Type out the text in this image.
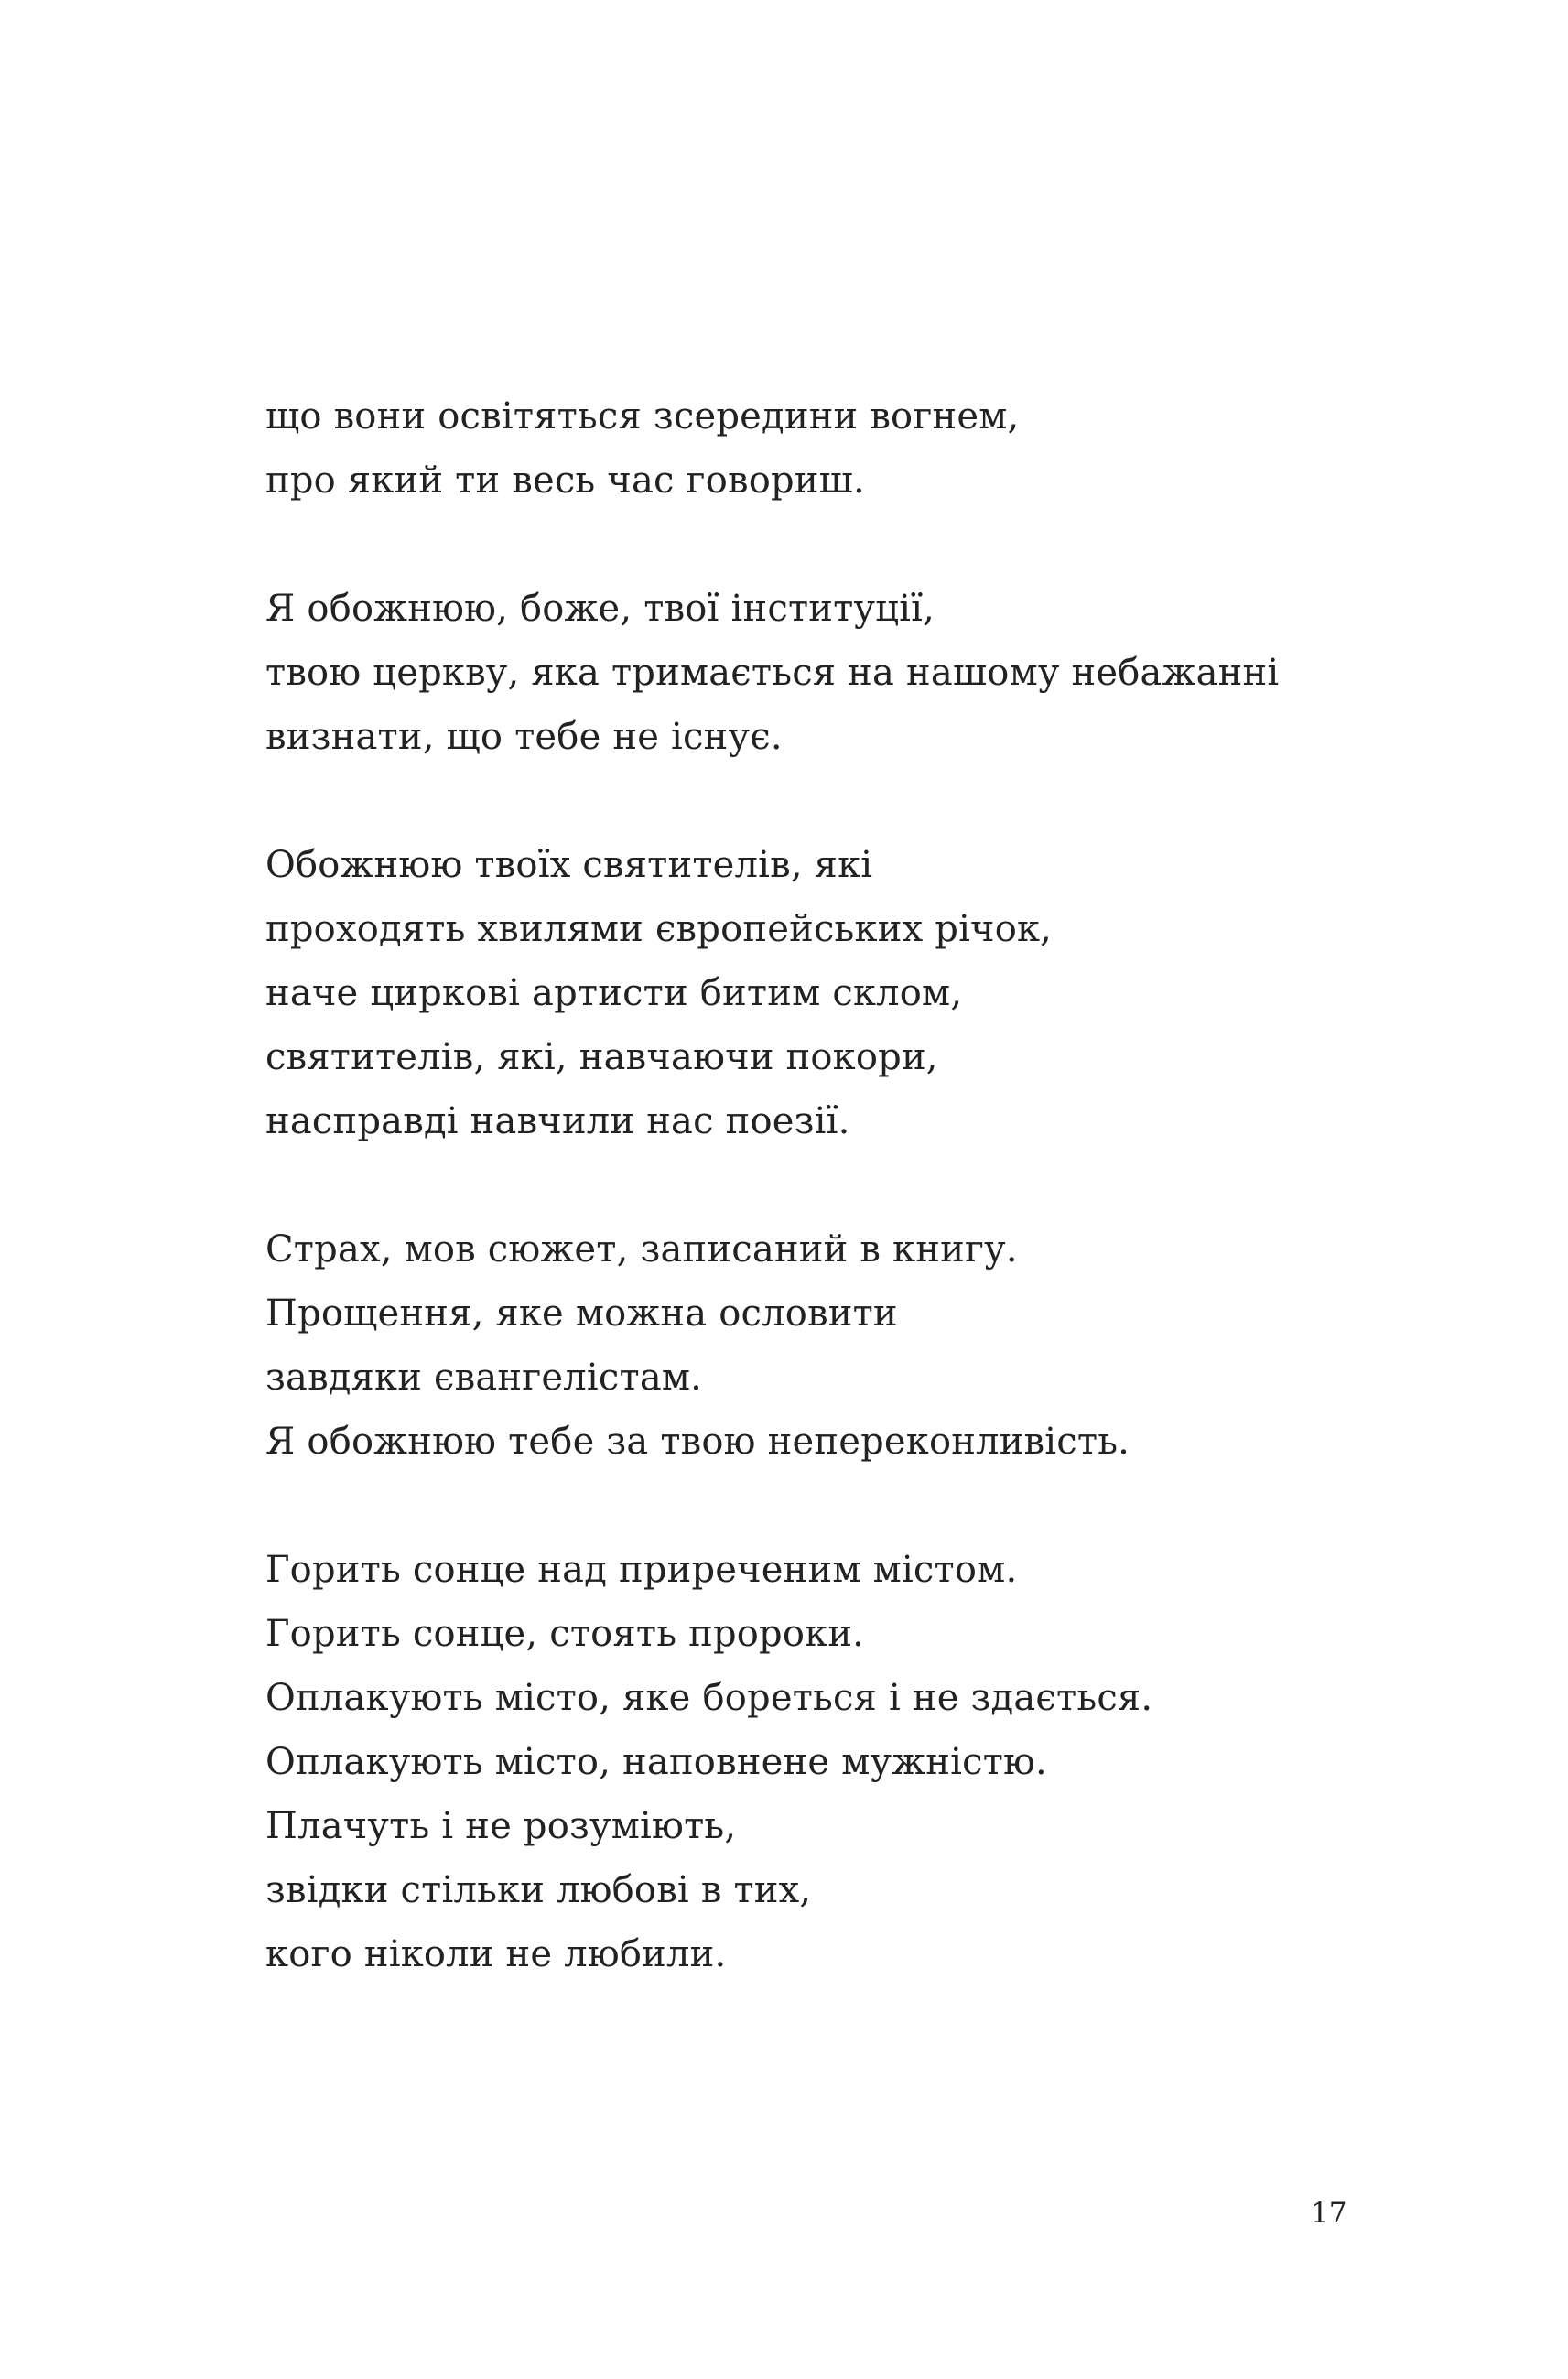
що вони освітяться зсередини вогнем,
про який ти весь час говориш.
Я обожнюю, боже, твої інституції,
твою церкву, яка тримається на нашому небажанні
визнати, що тебе не існує.
Обожнюю твоїх святителів, які
проходять хвилями європейських річок,
наче циркові артисти битим склом,
святителів, які, навчаючи покори,
насправді навчили нас поезії.
Страх, мов сюжет, записаний в книгу.
Прощення, яке можна ословити
завдяки євангелістам.
Я обожнюю тебе за твою непереконливість.
Горить сонце над приреченим містом.
Горить сонце, стоять пророки.
Оплакують місто, яке бореться і не здається.
Оплакують місто, наповнене мужністю.
Плачуть і не розуміють,
звідки стільки любові в тих,
кого ніколи не любили.
17
